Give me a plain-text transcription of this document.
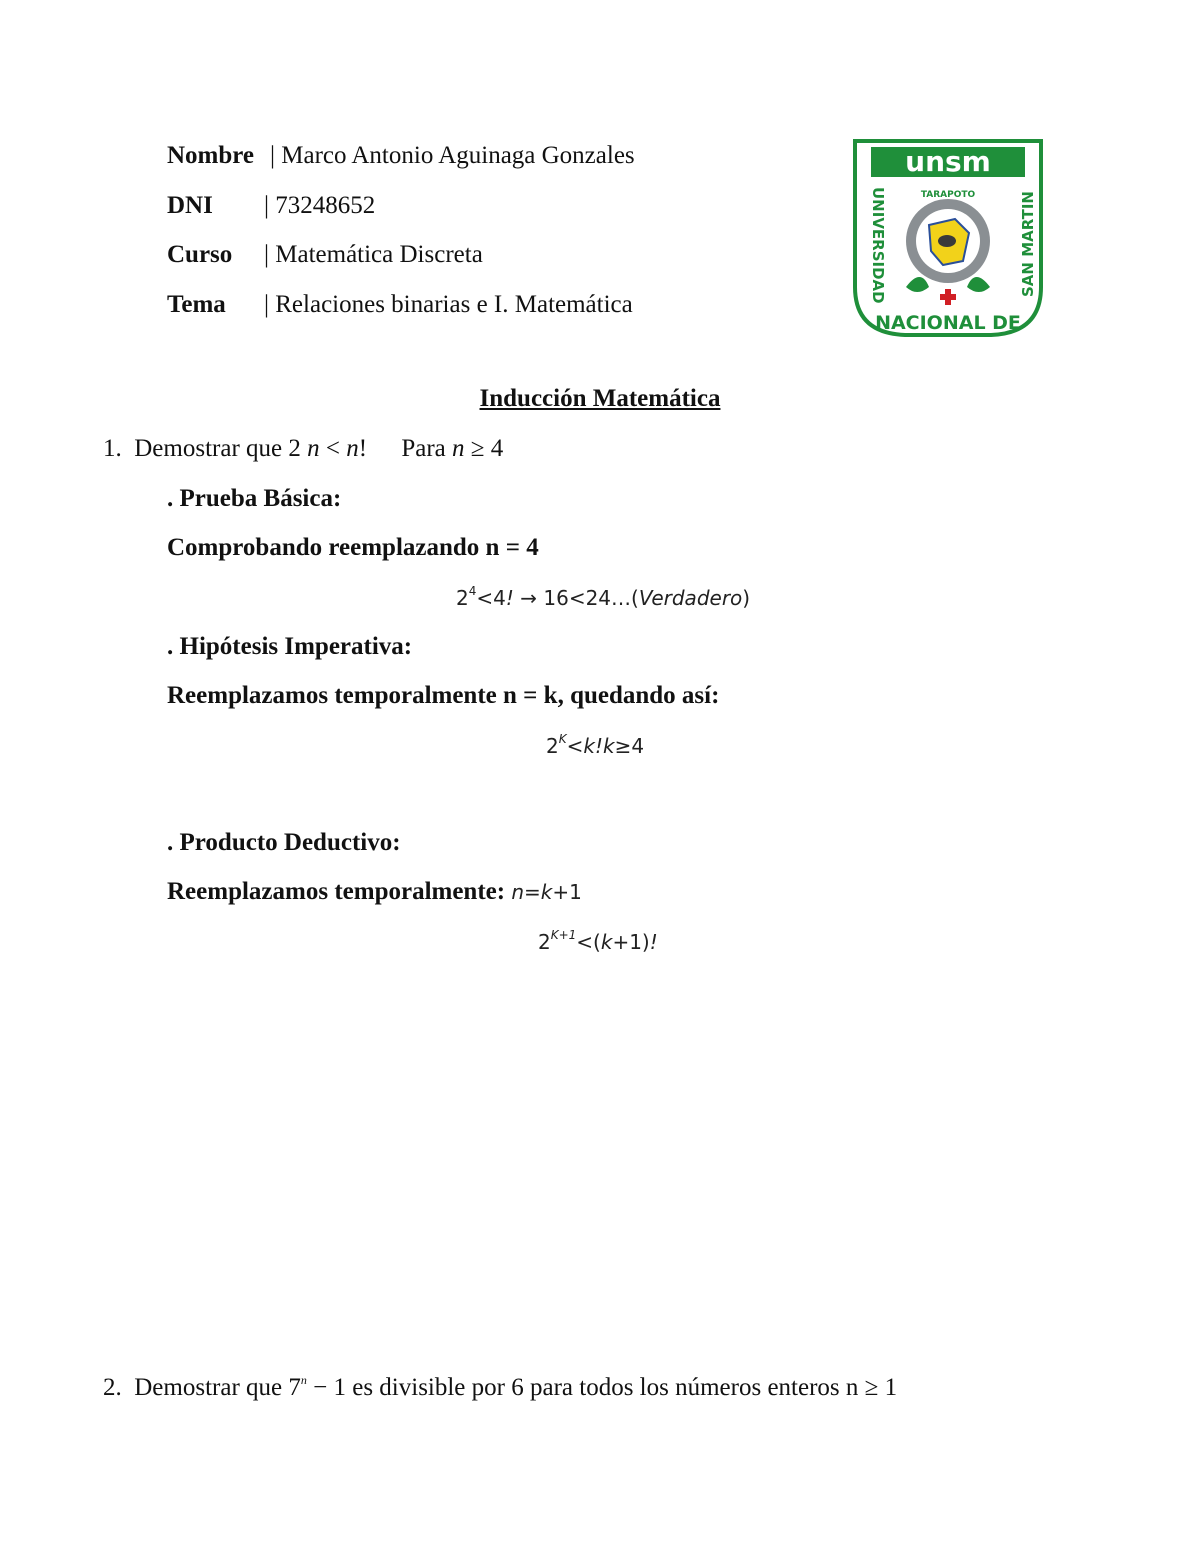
Nombre | Marco Antonio Aguinaga Gonzales
DNI | 73248652
Curso | Matemática Discreta
Tema | Relaciones binarias e I. Matemática
unsm
UNIVERSIDAD	SAN MARTIN
NACIONAL DE
TARAPOTO
Inducción Matemática
1. Demostrar que 2 n < n! Para n ≥ 4
. Prueba Básica:
Comprobando reemplazando n = 4
$2^4<4$! → 16<24…(Verdadero)
. Hipótesis Imperativa:
Reemplazamos temporalmente n = k, quedando así:
$2^K<k!k\ge 4$
. Producto Deductivo:
Reemplazamos temporalmente: n=k+1
$2^{K+1}<(k+1)$!
2. Demostrar que $7^n - 1$ es divisible por 6 para todos los números enteros n ≥ 1
